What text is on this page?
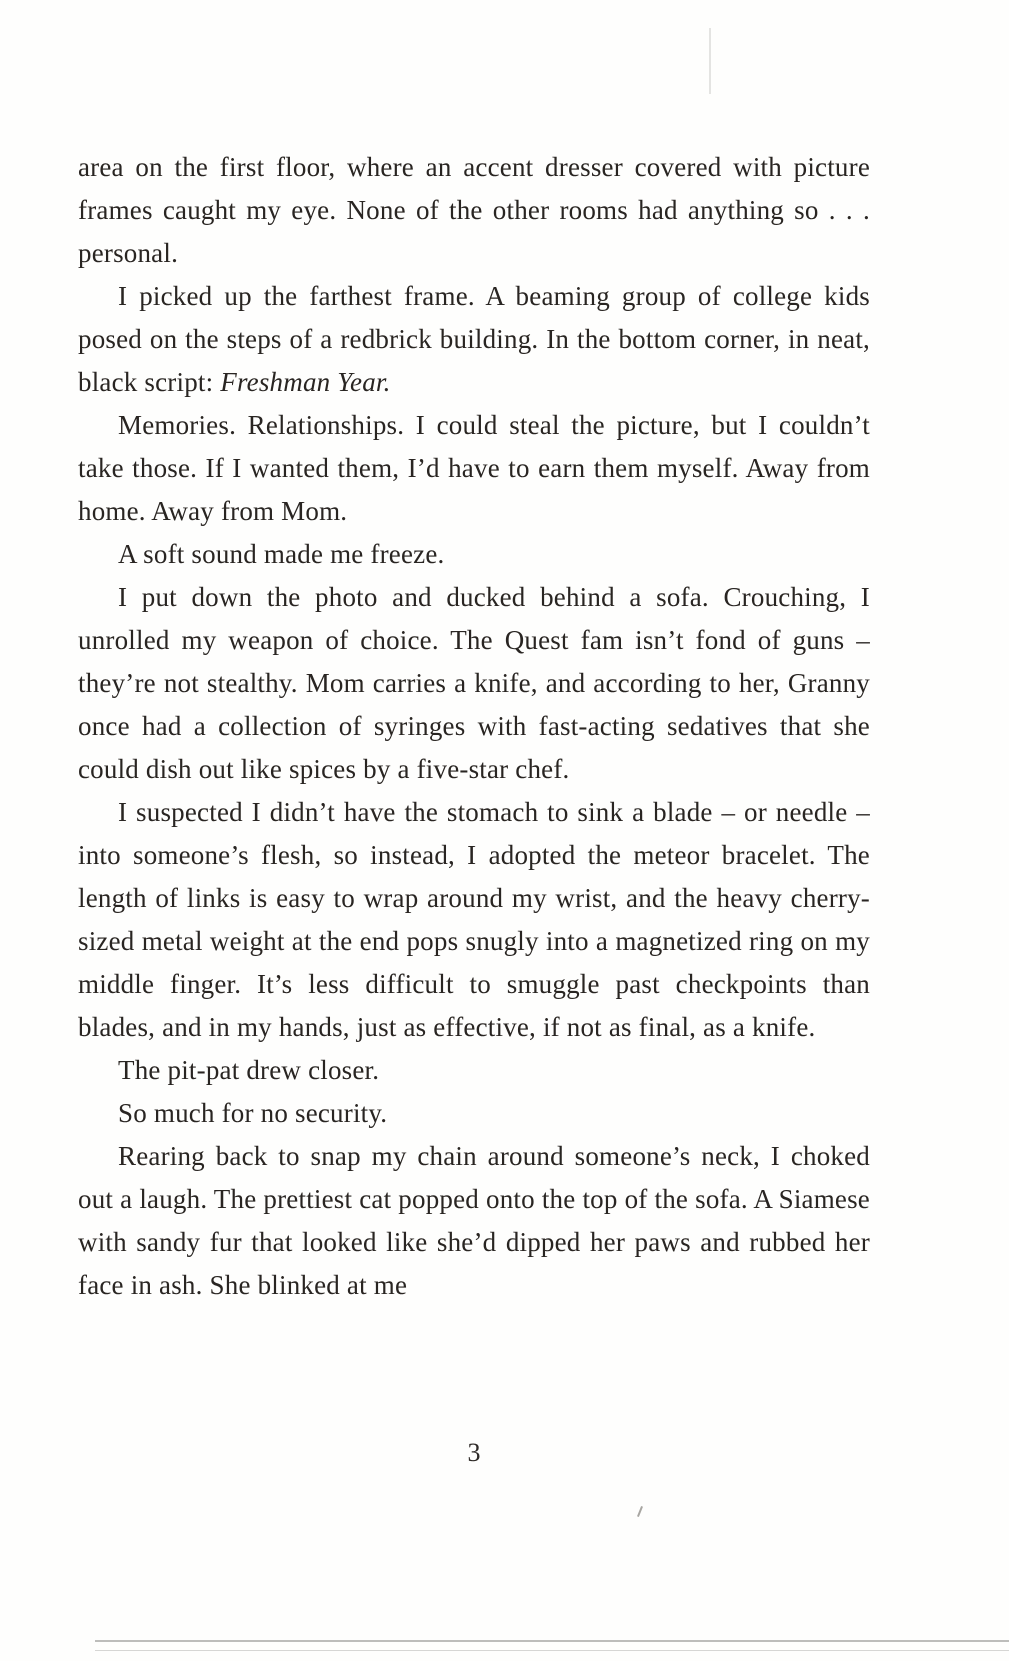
area on the first floor, where an accent dresser covered with picture frames caught my eye. None of the other rooms had anything so . . . personal.

I picked up the farthest frame. A beaming group of college kids posed on the steps of a redbrick building. In the bottom corner, in neat, black script: Freshman Year.

Memories. Relationships. I could steal the picture, but I couldn’t take those. If I wanted them, I’d have to earn them myself. Away from home. Away from Mom.

A soft sound made me freeze.

I put down the photo and ducked behind a sofa. Crouching, I unrolled my weapon of choice. The Quest fam isn’t fond of guns – they’re not stealthy. Mom carries a knife, and according to her, Granny once had a collection of syringes with fast-acting sedatives that she could dish out like spices by a five-star chef.

I suspected I didn’t have the stomach to sink a blade – or needle – into someone’s flesh, so instead, I adopted the meteor bracelet. The length of links is easy to wrap around my wrist, and the heavy cherry-sized metal weight at the end pops snugly into a magnetized ring on my middle finger. It’s less difficult to smuggle past checkpoints than blades, and in my hands, just as effective, if not as final, as a knife.

The pit-pat drew closer.

So much for no security.

Rearing back to snap my chain around someone’s neck, I choked out a laugh. The prettiest cat popped onto the top of the sofa. A Siamese with sandy fur that looked like she’d dipped her paws and rubbed her face in ash. She blinked at me

3
